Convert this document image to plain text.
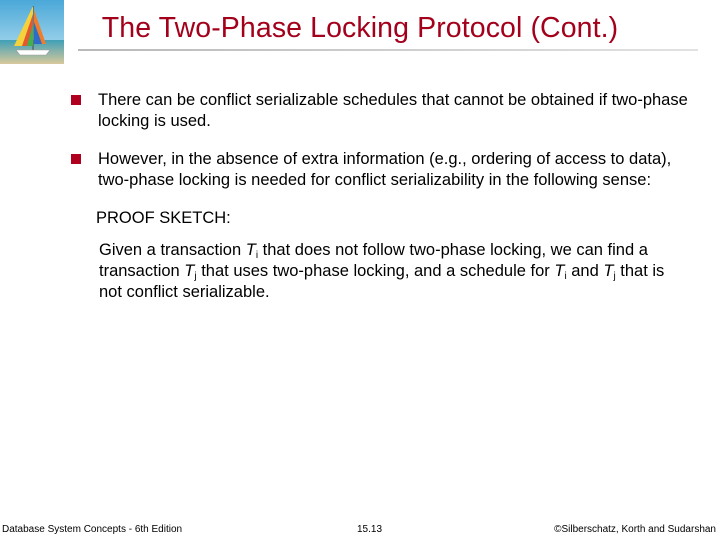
The Two-Phase Locking Protocol (Cont.)
There can be conflict serializable schedules that cannot be obtained if two-phase locking is used.
However, in the absence of extra information (e.g., ordering of access to data), two-phase locking is needed for conflict serializability in the following sense:
PROOF SKETCH:
Given a transaction $T_i$ that does not follow two-phase locking, we can find a transaction $T_j$ that uses two-phase locking, and a schedule for $T_i$ and $T_j$ that is not conflict serializable.
Database System Concepts - 6th Edition	15.13	©Silberschatz, Korth and Sudarshan
